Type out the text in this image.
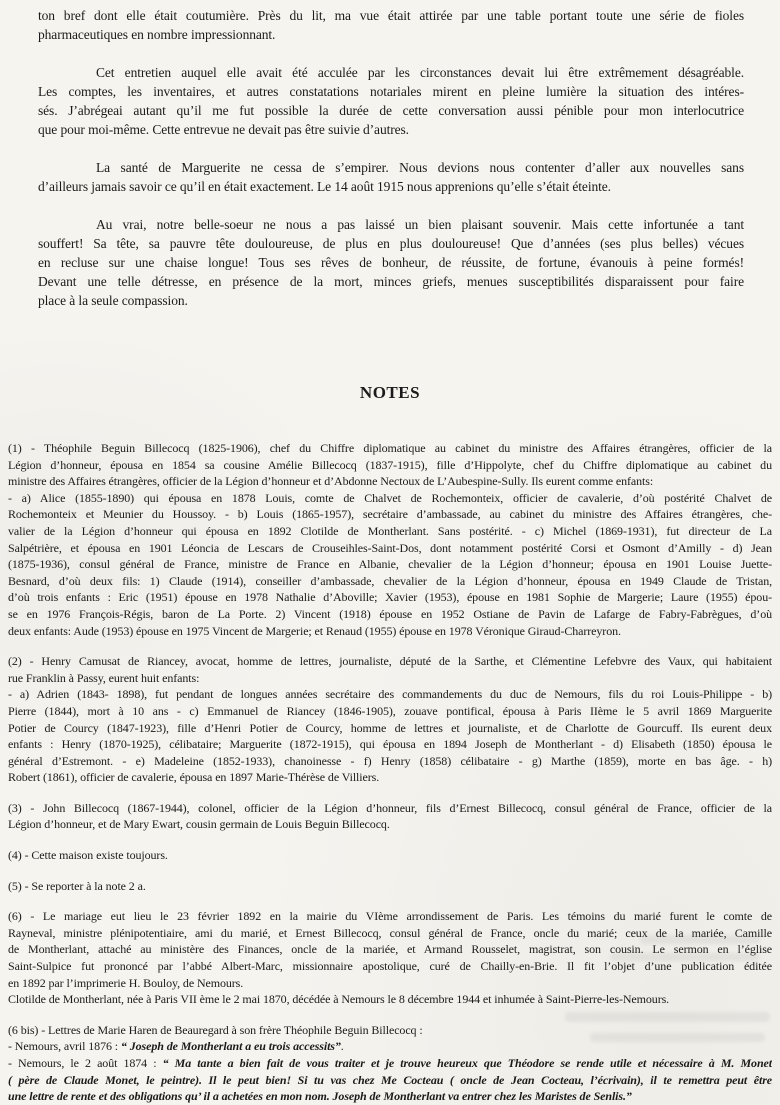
ton bref dont elle était coutumière. Près du lit, ma vue était attirée par une table portant toute une série de fioles
pharmaceutiques en nombre impressionnant.
Cet entretien auquel elle avait été acculée par les circonstances devait lui être extrêmement désagréable.
Les comptes, les inventaires, et autres constatations notariales mirent en pleine lumière la situation des intéres-
sés. J’abrégeai autant qu’il me fut possible la durée de cette conversation aussi pénible pour mon interlocutrice
que pour moi-même. Cette entrevue ne devait pas être suivie d’autres.
La santé de Marguerite ne cessa de s’empirer. Nous devions nous contenter d’aller aux nouvelles sans
d’ailleurs jamais savoir ce qu’il en était exactement. Le 14 août 1915 nous apprenions qu’elle s’était éteinte.
Au vrai, notre belle-soeur ne nous a pas laissé un bien plaisant souvenir. Mais cette infortunée a tant
souffert! Sa tête, sa pauvre tête douloureuse, de plus en plus douloureuse! Que d’années (ses plus belles) vécues
en recluse sur une chaise longue! Tous ses rêves de bonheur, de réussite, de fortune, évanouis à peine formés!
Devant une telle détresse, en présence de la mort, minces griefs, menues susceptibilités disparaissent pour faire
place à la seule compassion.
NOTES
(1) - Théophile Beguin Billecocq (1825-1906), chef du Chiffre diplomatique au cabinet du ministre des Affaires étrangères, officier de la
Légion d’honneur, épousa en 1854 sa cousine Amélie Billecocq (1837-1915), fille d’Hippolyte, chef du Chiffre diplomatique au cabinet du
ministre des Affaires étrangères, officier de la Légion d’honneur et d’Abdonne Nectoux de L’Aubespine-Sully. Ils eurent comme enfants:
- a) Alice (1855-1890) qui épousa en 1878 Louis, comte de Chalvet de Rochemonteix, officier de cavalerie, d’où postérité Chalvet de
Rochemonteix et Meunier du Houssoy. - b) Louis (1865-1957), secrétaire d’ambassade, au cabinet du ministre des Affaires étrangères, che-
valier de la Légion d’honneur qui épousa en 1892 Clotilde de Montherlant. Sans postérité. - c) Michel (1869-1931), fut directeur de La
Salpétrière, et épousa en 1901 Léoncia de Lescars de Crouseihles-Saint-Dos, dont notamment postérité Corsi et Osmont d’Amilly - d) Jean
(1875-1936), consul général de France, ministre de France en Albanie, chevalier de la Légion d’honneur; épousa en 1901 Louise Juette-
Besnard, d’où deux fils: 1) Claude (1914), conseiller d’ambassade, chevalier de la Légion d’honneur, épousa en 1949 Claude de Tristan,
d’où trois enfants : Eric (1951) épouse en 1978 Nathalie d’Aboville; Xavier (1953), épouse en 1981 Sophie de Margerie; Laure (1955) épou-
se en 1976 François-Régis, baron de La Porte. 2) Vincent (1918) épouse en 1952 Ostiane de Pavin de Lafarge de Fabry-Fabrègues, d’où
deux enfants: Aude (1953) épouse en 1975 Vincent de Margerie; et Renaud (1955) épouse en 1978 Véronique Giraud-Charreyron.
(2) - Henry Camusat de Riancey, avocat, homme de lettres, journaliste, député de la Sarthe, et Clémentine Lefebvre des Vaux, qui habitaient
rue Franklin à Passy, eurent huit enfants:
- a) Adrien (1843- 1898), fut pendant de longues années secrétaire des commandements du duc de Nemours, fils du roi Louis-Philippe - b)
Pierre (1844), mort à 10 ans - c) Emmanuel de Riancey (1846-1905), zouave pontifical, épousa à Paris IIème le 5 avril 1869 Marguerite
Potier de Courcy (1847-1923), fille d’Henri Potier de Courcy, homme de lettres et journaliste, et de Charlotte de Gourcuff. Ils eurent deux
enfants : Henry (1870-1925), célibataire; Marguerite (1872-1915), qui épousa en 1894 Joseph de Montherlant - d) Elisabeth (1850) épousa le
général d’Estremont. - e) Madeleine (1852-1933), chanoinesse - f) Henry (1858) célibataire - g) Marthe (1859), morte en bas âge. - h)
Robert (1861), officier de cavalerie, épousa en 1897 Marie-Thérèse de Villiers.
(3) - John Billecocq (1867-1944), colonel, officier de la Légion d’honneur, fils d’Ernest Billecocq, consul général de France, officier de la
Légion d’honneur, et de Mary Ewart, cousin germain de Louis Beguin Billecocq.
(4) - Cette maison existe toujours.
(5) - Se reporter à la note 2 a.
(6) - Le mariage eut lieu le 23 février 1892 en la mairie du VIème arrondissement de Paris. Les témoins du marié furent le comte de
Rayneval, ministre plénipotentiaire, ami du marié, et Ernest Billecocq, consul général de France, oncle du marié; ceux de la mariée, Camille
de Montherlant, attaché au ministère des Finances, oncle de la mariée, et Armand Rousselet, magistrat, son cousin. Le sermon en l’église
Saint-Sulpice fut prononcé par l’abbé Albert-Marc, missionnaire apostolique, curé de Chailly-en-Brie. Il fit l’objet d’une publication éditée
en 1892 par l’imprimerie H. Bouloy, de Nemours.
Clotilde de Montherlant, née à Paris VII ème le 2 mai 1870, décédée à Nemours le 8 décembre 1944 et inhumée à Saint-Pierre-les-Nemours.
(6 bis) - Lettres de Marie Haren de Beauregard à son frère Théophile Beguin Billecocq :
- Nemours, avril 1876 : “ Joseph de Montherlant a eu trois accessits”.
- Nemours, le 2 août 1874 : “ Ma tante a bien fait de vous traiter et je trouve heureux que Théodore se rende utile et nécessaire à M. Monet
( père de Claude Monet, le peintre). Il le peut bien! Si tu vas chez Me Cocteau ( oncle de Jean Cocteau, l’écrivain), il te remettra peut être
une lettre de rente et des obligations qu’ il a achetées en mon nom. Joseph de Montherlant va entrer chez les Maristes de Senlis.”
